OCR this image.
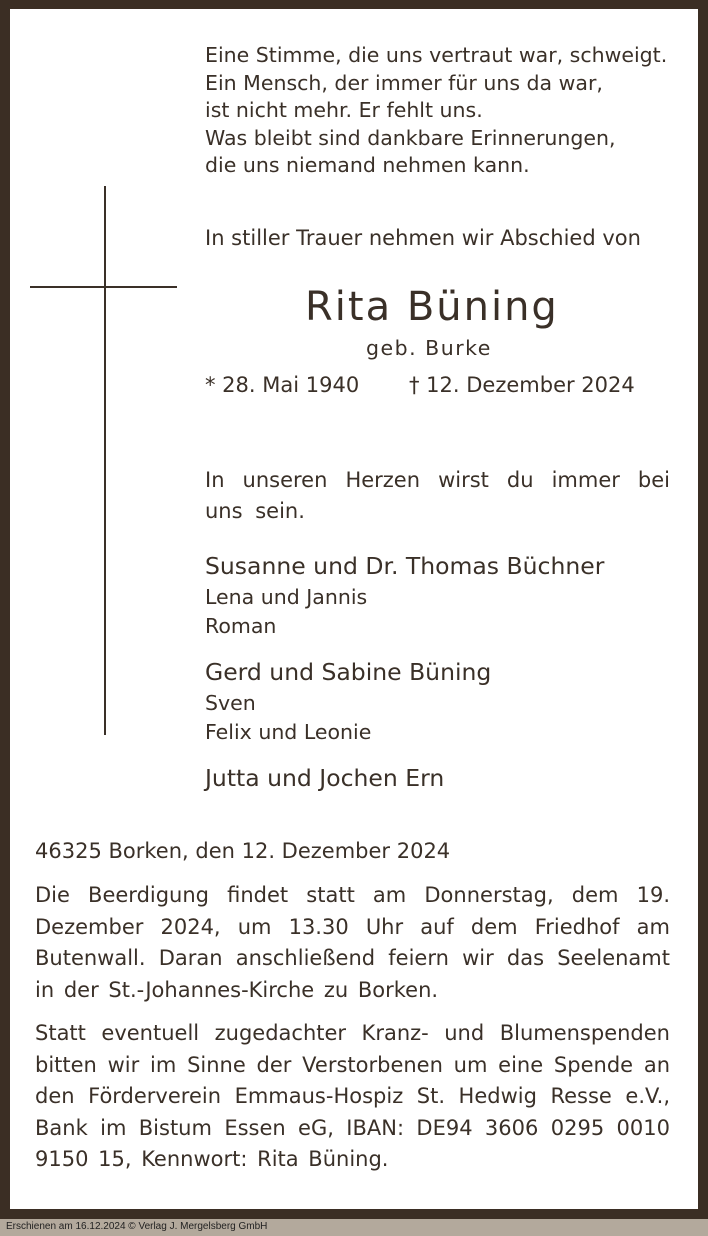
Eine Stimme, die uns vertraut war, schweigt.
Ein Mensch, der immer für uns da war,
ist nicht mehr. Er fehlt uns.
Was bleibt sind dankbare Erinnerungen,
die uns niemand nehmen kann.

In stiller Trauer nehmen wir Abschied von

Rita Büning

geb. Burke

* 28. Mai 1940 † 12. Dezember 2024

In unseren Herzen wirst du immer bei uns sein.

Susanne und Dr. Thomas Büchner

Lena und Jannis

Roman

Gerd und Sabine Büning

Sven

Felix und Leonie

Jutta und Jochen Ern

46325 Borken, den 12. Dezember 2024

Die Beerdigung findet statt am Donnerstag, dem 19. Dezember 2024, um 13.30 Uhr auf dem Friedhof am Butenwall. Daran anschließend feiern wir das Seelenamt in der St.-Johannes-Kirche zu Borken.

Statt eventuell zugedachter Kranz- und Blumenspenden bitten wir im Sinne der Verstorbenen um eine Spende an den Förderverein Emmaus-Hospiz St. Hedwig Resse e.V., Bank im Bistum Essen eG, IBAN: DE94 3606 0295 0010 9150 15, Kennwort: Rita Büning.

Erschienen am 16.12.2024 © Verlag J. Mergelsberg GmbH
